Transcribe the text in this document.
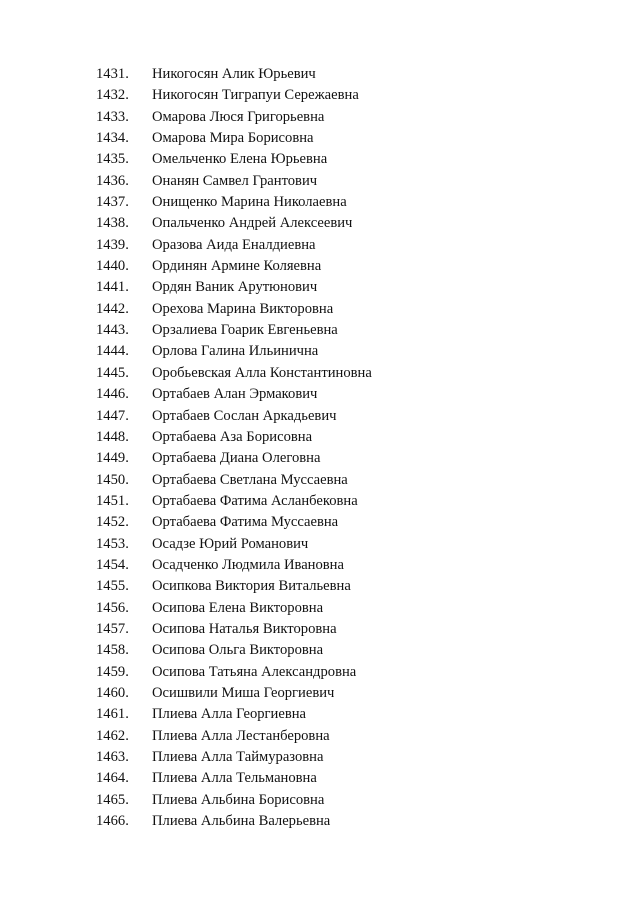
1431.	Никогосян Алик Юрьевич
1432.	Никогосян Тиграпуи Сережаевна
1433.	Омарова Люся Григорьевна
1434.	Омарова Мира Борисовна
1435.	Омельченко Елена Юрьевна
1436.	Онанян Самвел Грантович
1437.	Онищенко Марина Николаевна
1438.	Опальченко Андрей Алексеевич
1439.	Оразова Аида Еналдиевна
1440.	Ординян Армине Коляевна
1441.	Ордян Ваник Арутюнович
1442.	Орехова Марина Викторовна
1443.	Орзалиева Гоарик Евгеньевна
1444.	Орлова Галина Ильинична
1445.	Оробьевская Алла Константиновна
1446.	Ортабаев Алан Эрмакович
1447.	Ортабаев Сослан Аркадьевич
1448.	Ортабаева Аза Борисовна
1449.	Ортабаева Диана Олеговна
1450.	Ортабаева Светлана Муссаевна
1451.	Ортабаева Фатима Асланбековна
1452.	Ортабаева Фатима Муссаевна
1453.	Осадзе Юрий Романович
1454.	Осадченко Людмила Ивановна
1455.	Осипкова Виктория Витальевна
1456.	Осипова Елена Викторовна
1457.	Осипова Наталья Викторовна
1458.	Осипова Ольга Викторовна
1459.	Осипова Татьяна Александровна
1460.	Осишвили Миша Георгиевич
1461.	Плиева Алла Георгиевна
1462.	Плиева Алла Лестанберовна
1463.	Плиева Алла Таймуразовна
1464.	Плиева Алла Тельмановна
1465.	Плиева Альбина Борисовна
1466.	Плиева Альбина Валерьевна
